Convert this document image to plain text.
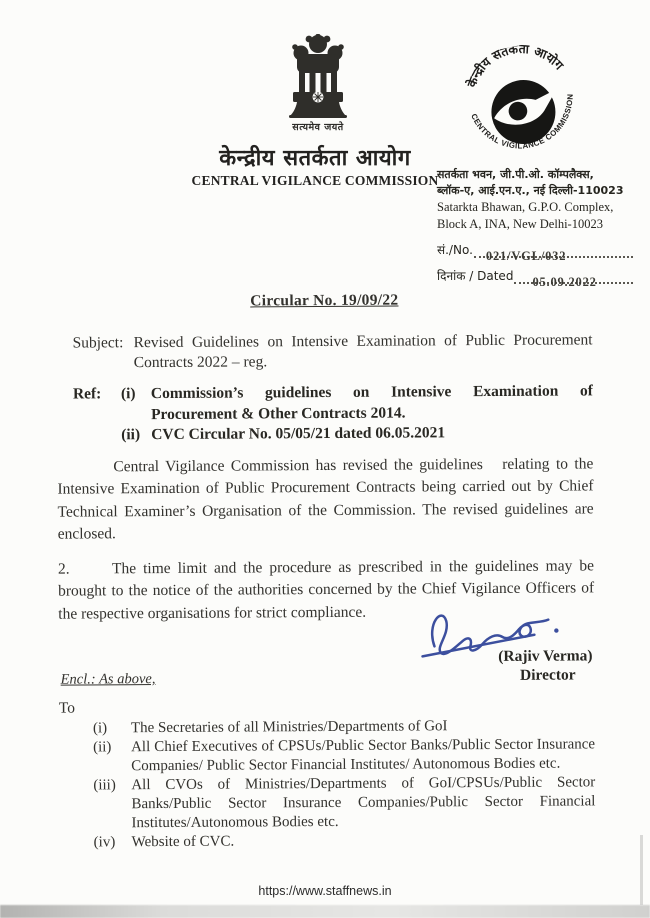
सत्यमेव जयते
केन्द्रीय सतर्कता आयोग
CENTRAL VIGILANCE COMMISSION
केन्द्रीय सतर्कता आयोग
CENTRAL VIGILANCE COMMISSION
सतर्कता भवन, जी.पी.ओ. कॉम्पलैक्स,
ब्लॉक-ए, आई.एन.ए., नई दिल्ली-110023
Satarkta Bhawan, G.P.O. Complex,
Block A, INA, New Delhi-10023
सं./No. 021/VGL/032
दिनांक / Dated 05.09.2022

Circular No. 19/09/22

Subject: Revised Guidelines on Intensive Examination of Public Procurement Contracts 2022 – reg.
Ref:	(i) Commission’s guidelines on Intensive Examination of Procurement & Other Contracts 2014.
(ii) CVC Circular No. 05/05/21 dated 06.05.2021

Central Vigilance Commission has revised the guidelines   relating to the Intensive Examination of Public Procurement Contracts being carried out by Chief Technical Examiner’s Organisation of the Commission. The revised guidelines are enclosed.

2.	The time limit and the procedure as prescribed in the guidelines may be brought to the notice of the authorities concerned by the Chief Vigilance Officers of the respective organisations for strict compliance.

(Rajiv Verma)
Director
Encl.: As above,
To
(i)	The Secretaries of all Ministries/Departments of GoI
(ii)	All Chief Executives of CPSUs/Public Sector Banks/Public Sector Insurance Companies/ Public Sector Financial Institutes/ Autonomous Bodies etc.
(iii)	All CVOs of Ministries/Departments of GoI/CPSUs/Public Sector Banks/Public Sector Insurance Companies/Public Sector Financial Institutes/Autonomous Bodies etc.
(iv)	Website of CVC.
https://www.staffnews.in
